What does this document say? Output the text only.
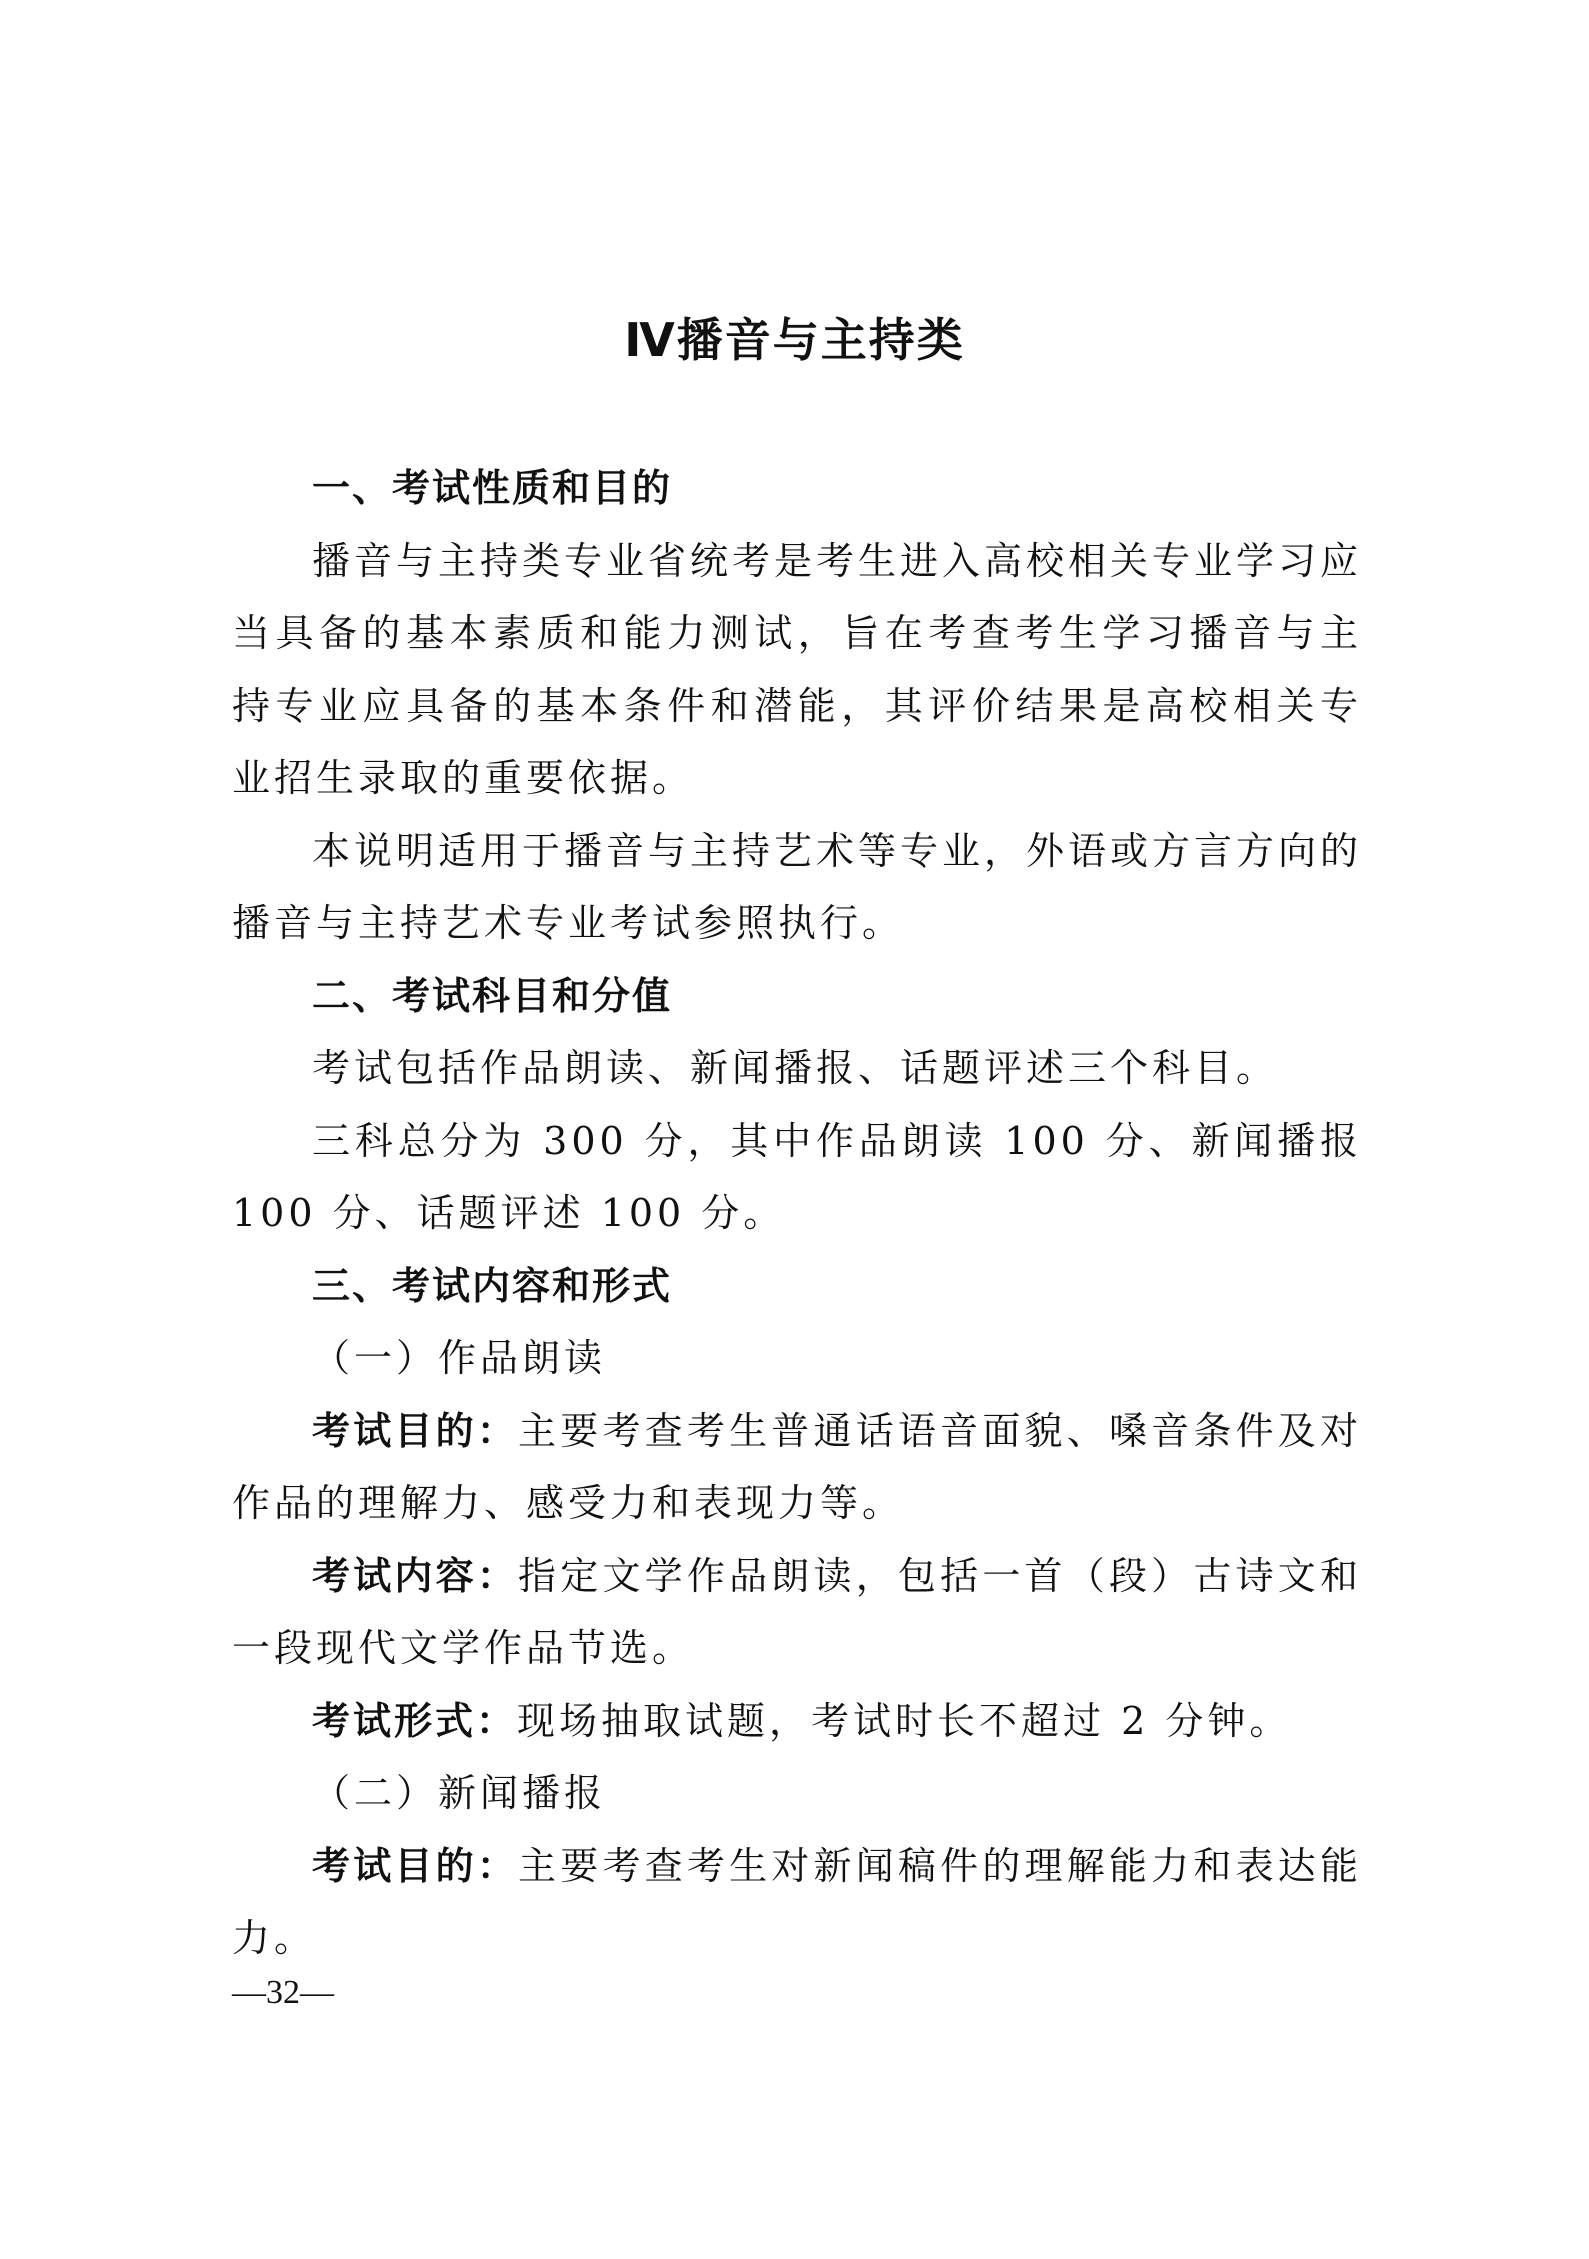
Ⅳ播音与主持类

一、考试性质和目的

播音与主持类专业省统考是考生进入高校相关专业学习应当具备的基本素质和能力测试，旨在考查考生学习播音与主持专业应具备的基本条件和潜能，其评价结果是高校相关专业招生录取的重要依据。

本说明适用于播音与主持艺术等专业，外语或方言方向的播音与主持艺术专业考试参照执行。

二、考试科目和分值

考试包括作品朗读、新闻播报、话题评述三个科目。

三科总分为 300 分，其中作品朗读 100 分、新闻播报 100 分、话题评述 100 分。

三、考试内容和形式

（一）作品朗读

考试目的：主要考查考生普通话语音面貌、嗓音条件及对作品的理解力、感受力和表现力等。

考试内容：指定文学作品朗读，包括一首（段）古诗文和一段现代文学作品节选。

考试形式：现场抽取试题，考试时长不超过 2 分钟。

（二）新闻播报

考试目的：主要考查考生对新闻稿件的理解能力和表达能力。

—32—
